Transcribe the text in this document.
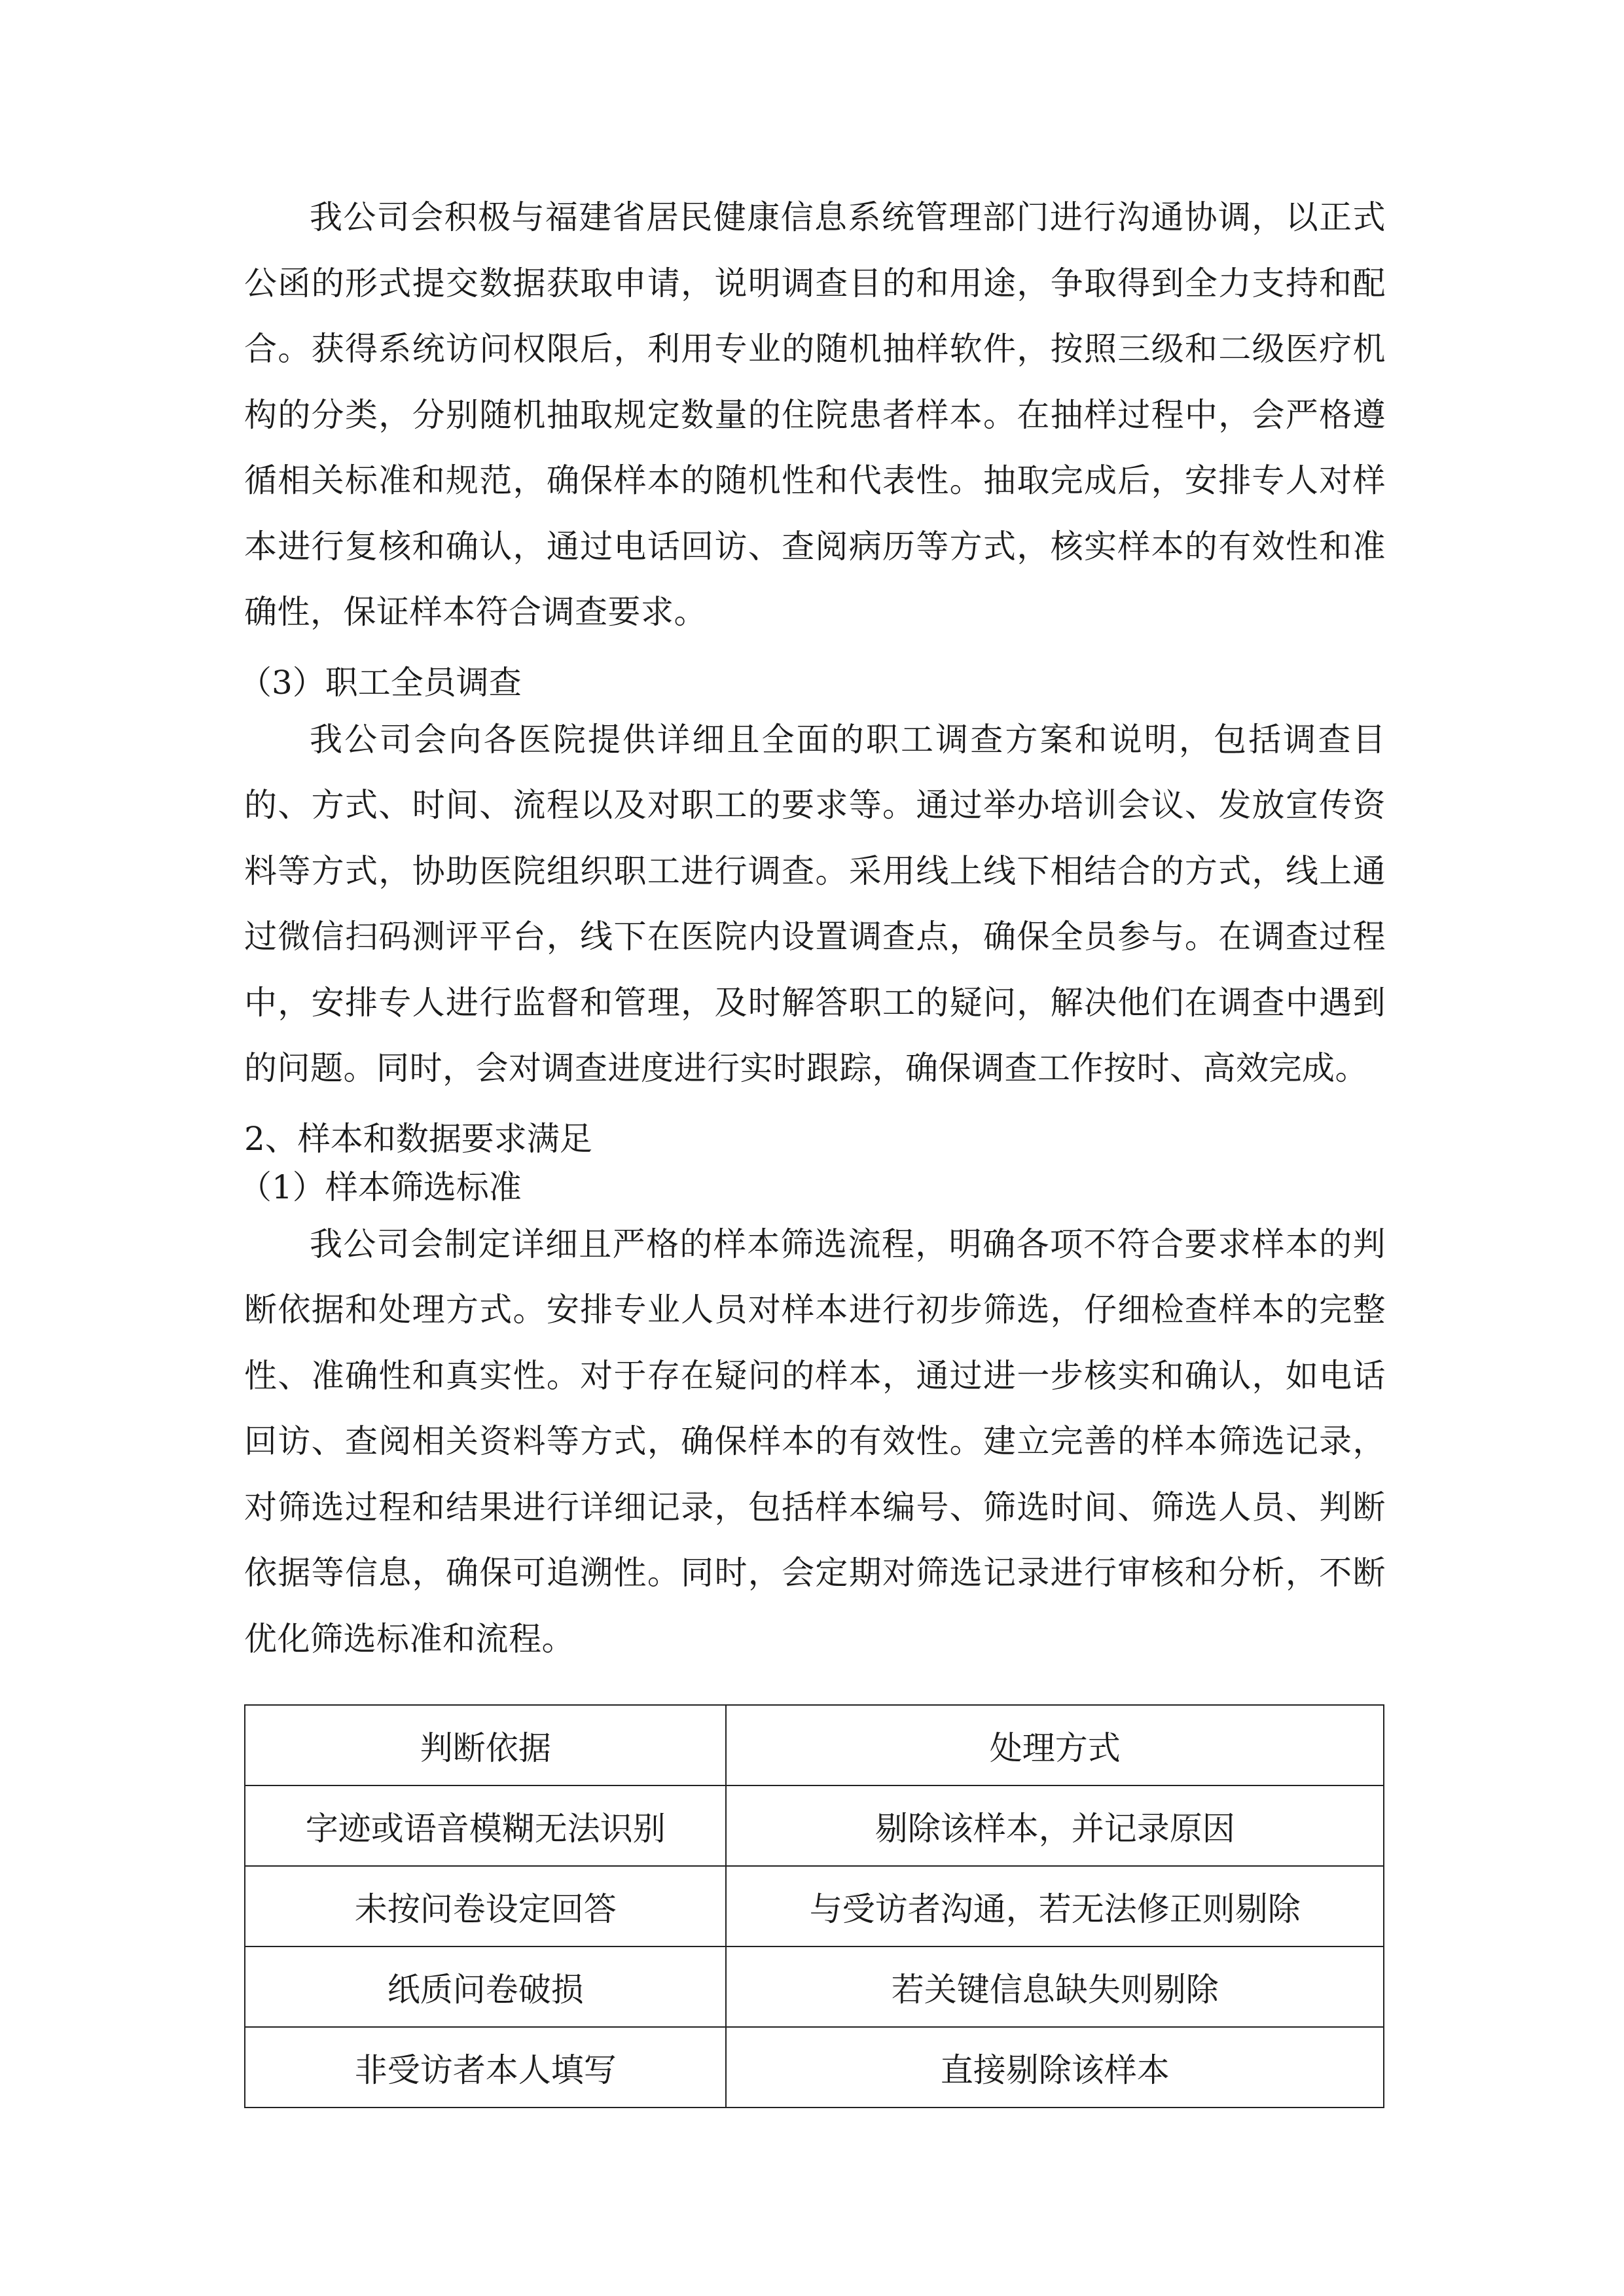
我公司会积极与福建省居民健康信息系统管理部门进行沟通协调，以正式公函的形式提交数据获取申请，说明调查目的和用途，争取得到全力支持和配合。获得系统访问权限后，利用专业的随机抽样软件，按照三级和二级医疗机构的分类，分别随机抽取规定数量的住院患者样本。在抽样过程中，会严格遵循相关标准和规范，确保样本的随机性和代表性。抽取完成后，安排专人对样本进行复核和确认，通过电话回访、查阅病历等方式，核实样本的有效性和准确性，保证样本符合调查要求。

（3）职工全员调查

我公司会向各医院提供详细且全面的职工调查方案和说明，包括调查目的、方式、时间、流程以及对职工的要求等。通过举办培训会议、发放宣传资料等方式，协助医院组织职工进行调查。采用线上线下相结合的方式，线上通过微信扫码测评平台，线下在医院内设置调查点，确保全员参与。在调查过程中，安排专人进行监督和管理，及时解答职工的疑问，解决他们在调查中遇到的问题。同时，会对调查进度进行实时跟踪，确保调查工作按时、高效完成。

2、样本和数据要求满足

（1）样本筛选标准

我公司会制定详细且严格的样本筛选流程，明确各项不符合要求样本的判断依据和处理方式。安排专业人员对样本进行初步筛选，仔细检查样本的完整性、准确性和真实性。对于存在疑问的样本，通过进一步核实和确认，如电话回访、查阅相关资料等方式，确保样本的有效性。建立完善的样本筛选记录，对筛选过程和结果进行详细记录，包括样本编号、筛选时间、筛选人员、判断依据等信息，确保可追溯性。同时，会定期对筛选记录进行审核和分析，不断优化筛选标准和流程。

判断依据	处理方式
字迹或语音模糊无法识别	剔除该样本，并记录原因
未按问卷设定回答	与受访者沟通，若无法修正则剔除
纸质问卷破损	若关键信息缺失则剔除
非受访者本人填写	直接剔除该样本
